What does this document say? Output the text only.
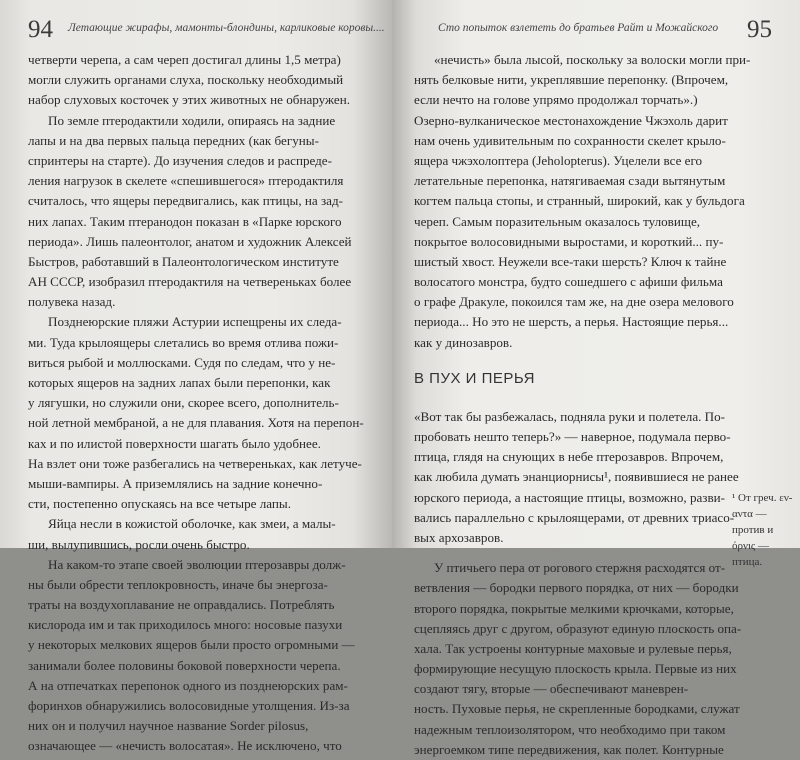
94 Летающие жирафы, мамонты-блондины, карликовые коровы....
четверти черепа, а сам череп достигал длины 1,5 метра)
могли служить органами слуха, поскольку необходимый
набор слуховых косточек у этих животных не обнаружен.
По земле птеродактили ходили, опираясь на задние
лапы и на два первых пальца передних (как бегуны-
спринтеры на старте). До изучения следов и распреде-
ления нагрузок в скелете «спешившегося» птеродактиля
считалось, что ящеры передвигались, как птицы, на зад-
них лапах. Таким птеранодон показан в «Парке юрского
периода». Лишь палеонтолог, анатом и художник Алексей
Быстров, работавший в Палеонтологическом институте
АН СССР, изобразил птеродактиля на четвереньках более
полувека назад.
Позднеюрские пляжи Астурии испещрены их следа-
ми. Туда крылоящеры слетались во время отлива пожи-
виться рыбой и моллюсками. Судя по следам, что у не-
которых ящеров на задних лапах были перепонки, как
у лягушки, но служили они, скорее всего, дополнитель-
ной летной мембраной, а не для плавания. Хотя на перепон-
ках и по илистой поверхности шагать было удобнее.
На взлет они тоже разбегались на четвереньках, как летуче-
мыши-вампиры. А приземлялись на задние конечно-
сти, постепенно опускаясь на все четыре лапы.
Яйца несли в кожистой оболочке, как змеи, а малы-
ши, вылупившись, росли очень быстро.
На каком-то этапе своей эволюции птерозавры долж-
ны были обрести теплокровность, иначе бы энергоза-
траты на воздухоплавание не оправдались. Потреблять
кислорода им и так приходилось много: носовые пазухи
у некоторых мелкових ящеров были просто огромными —
занимали более половины боковой поверхности черепа.
А на отпечатках перепонок одного из позднеюрских рам-
форинхов обнаружились волосовидные утолщения. Из-за
них он и получил научное название Sorder pilosus,
означающее — «нечисть волосатая». Не исключено, что
Сто попыток взлететь до братьев Райт и Можайского 95
«нечисть» была лысой, поскольку за волоски могли при-
нять белковые нити, укреплявшие перепонку. (Впрочем,
если нечто на голове упрямо продолжал торчать».)
Озерно-вулканическое местонахождение Чжэхоль дарит
нам очень удивительным по сохранности скелет крыло-
ящера чжэхолоптера (Jeholopterus). Уцелели все его
летательные перепонка, натягиваемая сзади вытянутым
когтем пальца стопы, и странный, широкий, как у бульдога
череп. Самым поразительным оказалось туловище,
покрытое волосовидными выростами, и короткий... пу-
шистый хвост. Неужели все-таки шерсть? Ключ к тайне
волосатого монстра, будто сошедшего с афиши фильма
о графе Дракуле, покоился там же, на дне озера мелового
периода... Но это не шерсть, а перья. Настоящие перья...
как у динозавров.
В ПУХ И ПЕРЬЯ
«Вот так бы разбежалась, подняла руки и полетела. По-
пробовать нешто теперь?» — наверное, подумала перво-
птица, глядя на снующих в небе птерозавров. Впрочем,
как любила думать энанциорнисы¹, появившиеся не ранее
юрского периода, а настоящие птицы, возможно, разви-
вались параллельно с крылоящерами, от древних триасо-
вых архозавров.
У птичьего пера от рогового стержня расходятся от-
ветвления — бородки первого порядка, от них — бородки
второго порядка, покрытые мелкими крючками, которые,
сцепляясь друг с другом, образуют единую плоскость опа-
хала. Так устроены контурные маховые и рулевые перья,
формирующие несущую плоскость крыла. Первые из них
создают тягу, вторые — обеспечивают маневрен-
ность. Пуховые перья, не скрепленные бородками, служат
надежным теплоизолятором, что необходимо при таком
энергоемком типе передвижения, как полет. Контурные
¹ От греч. εν-αντα — против и όρνις — птица.
